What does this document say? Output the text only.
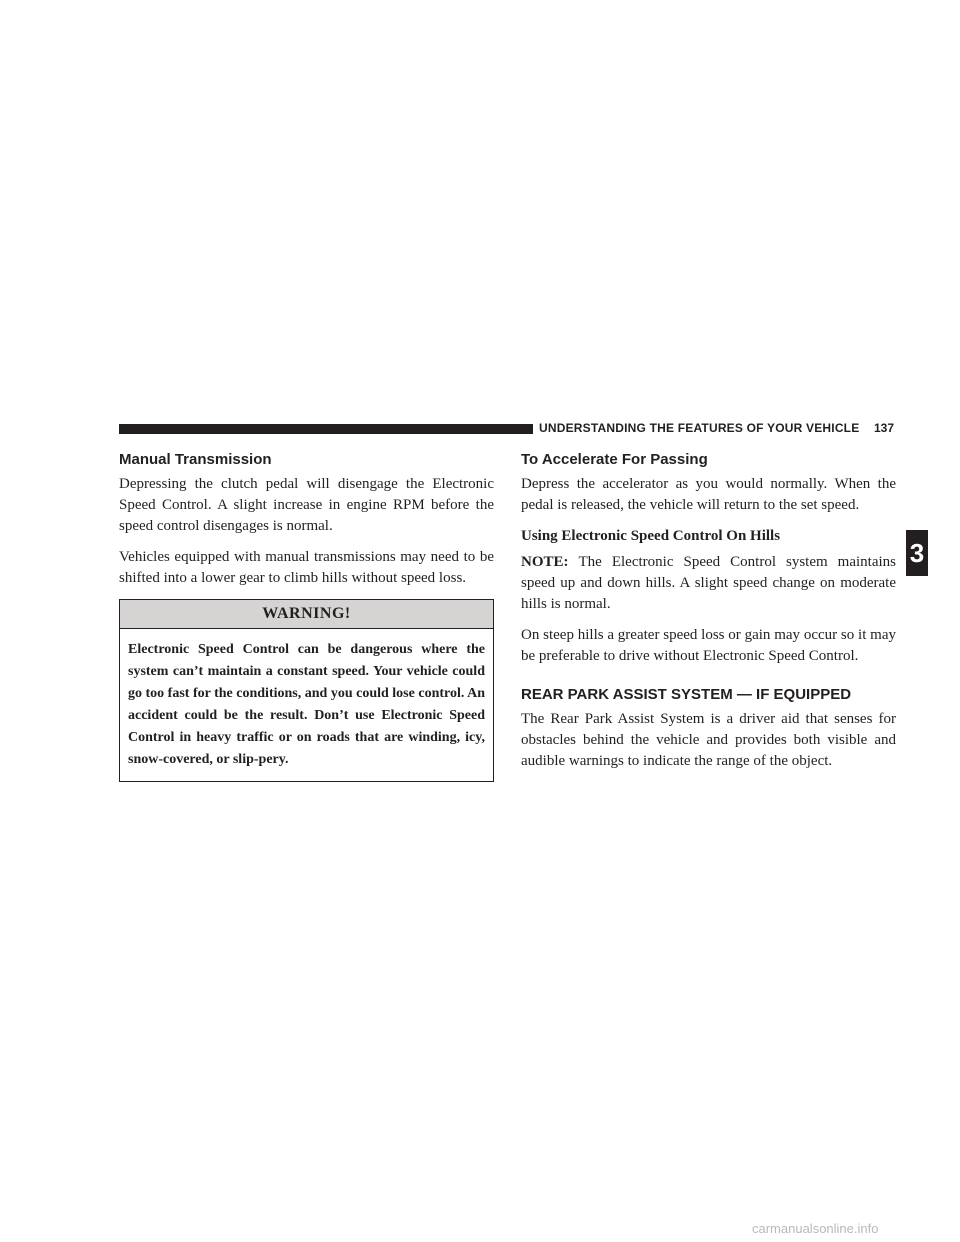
UNDERSTANDING THE FEATURES OF YOUR VEHICLE 137
Manual Transmission

Depressing the clutch pedal will disengage the Electronic Speed Control. A slight increase in engine RPM before the speed control disengages is normal.

Vehicles equipped with manual transmissions may need to be shifted into a lower gear to climb hills without speed loss.

WARNING!
Electronic Speed Control can be dangerous where the system can’t maintain a constant speed. Your vehicle could go too fast for the conditions, and you could lose control. An accident could be the result. Don’t use Electronic Speed Control in heavy traffic or on roads that are winding, icy, snow-covered, or slip-pery.
To Accelerate For Passing

Depress the accelerator as you would normally. When the pedal is released, the vehicle will return to the set speed.

Using Electronic Speed Control On Hills

NOTE: The Electronic Speed Control system maintains speed up and down hills. A slight speed change on moderate hills is normal.

On steep hills a greater speed loss or gain may occur so it may be preferable to drive without Electronic Speed Control.

REAR PARK ASSIST SYSTEM — IF EQUIPPED

The Rear Park Assist System is a driver aid that senses for obstacles behind the vehicle and provides both visible and audible warnings to indicate the range of the object.

3
carmanualsonline.info
